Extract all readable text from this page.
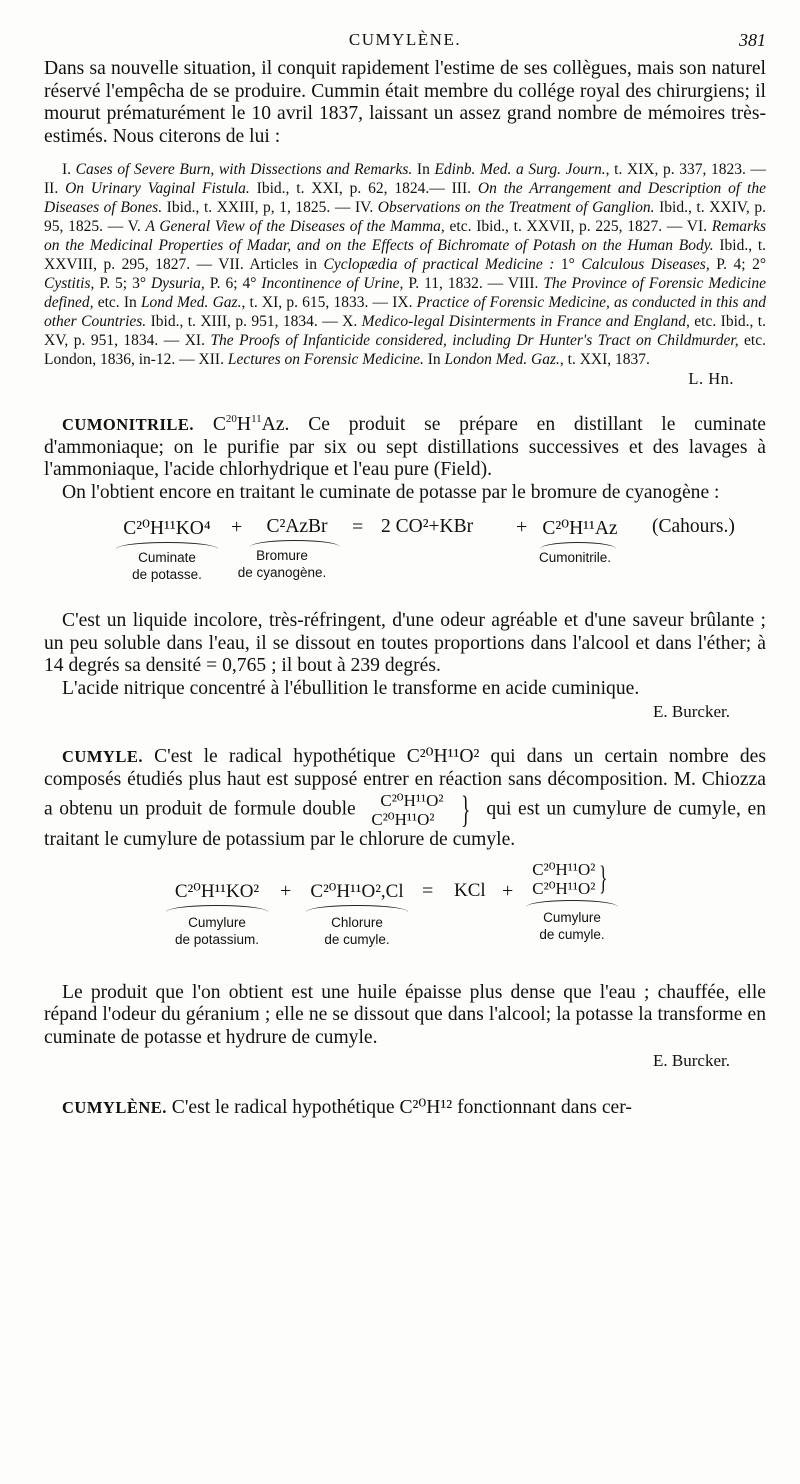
CUMYLÈNE.	381

Dans sa nouvelle situation, il conquit rapidement l'estime de ses collègues, mais son naturel réservé l'empêcha de se produire. Cummin était membre du collége royal des chirurgiens; il mourut prématurément le 10 avril 1837, laissant un assez grand nombre de mémoires très-estimés. Nous citerons de lui :

I. Cases of Severe Burn, with Dissections and Remarks. In Edinb. Med. a Surg. Journ., t. XIX, p. 337, 1823. — II. On Urinary Vaginal Fistula. Ibid., t. XXI, p. 62, 1824.— III. On the Arrangement and Description of the Diseases of Bones. Ibid., t. XXIII, p, 1, 1825. — IV. Observations on the Treatment of Ganglion. Ibid., t. XXIV, p. 95, 1825. — V. A General View of the Diseases of the Mamma, etc. Ibid., t. XXVII, p. 225, 1827. — VI. Remarks on the Medicinal Properties of Madar, and on the Effects of Bichromate of Potash on the Human Body. Ibid., t. XXVIII, p. 295, 1827. — VII. Articles in Cyclopædia of practical Medicine : 1° Calculous Diseases, P. 4; 2° Cystitis, P. 5; 3° Dysuria, P. 6; 4° Incontinence of Urine, P. 11, 1832. — VIII. The Province of Forensic Medicine defined, etc. In Lond Med. Gaz., t. XI, p. 615, 1833. — IX. Practice of Forensic Medicine, as conducted in this and other Countries. Ibid., t. XIII, p. 951, 1834. — X. Medico-legal Disinterments in France and England, etc. Ibid., t. XV, p. 951, 1834. — XI. The Proofs of Infanticide considered, including Dr Hunter's Tract on Childmurder, etc. London, 1836, in-12. — XII. Lectures on Forensic Medicine. In London Med. Gaz., t. XXI, 1837.

L. Hn.

CUMONITRILE. $C^{20}H^{11}Az$. Ce produit se prépare en distillant le cuminate d'ammoniaque; on le purifie par six ou sept distillations successives et des lavages à l'ammoniaque, l'acide chlorhydrique et l'eau pure (Field).

On l'obtient encore en traitant le cuminate de potasse par le bromure de cyanogène :

C²⁰H¹¹KO⁴
Cuminate
de potasse.
+	C²AzBr
Bromure
de cyanogène.
= 2 CO²+KBr + C²⁰H¹¹Az
Cumonitrile.
(Cahours.)

C'est un liquide incolore, très-réfringent, d'une odeur agréable et d'une saveur brûlante ; un peu soluble dans l'eau, il se dissout en toutes proportions dans l'alcool et dans l'éther; à 14 degrés sa densité = 0,765 ; il bout à 239 degrés.

L'acide nitrique concentré à l'ébullition le transforme en acide cuminique.

E. Burcker.

CUMYLE. C'est le radical hypothétique C²⁰H¹¹O² qui dans un certain nombre des composés étudiés plus haut est supposé entrer en réaction sans décomposition. M. Chiozza a obtenu un produit de formule double C²⁰H¹¹O²
C²⁰H¹¹O² } qui est un cumylure de cumyle, en traitant le cumylure de potassium par le chlorure de cumyle.

C²⁰H¹¹KO²
Cumylure
de potassium.
+	C²⁰H¹¹O²,Cl
Chlorure
de cumyle.
= KCl +
C²⁰H¹¹O²
C²⁰H¹¹O² }
Cumylure
de cumyle.

Le produit que l'on obtient est une huile épaisse plus dense que l'eau ; chauffée, elle répand l'odeur du géranium ; elle ne se dissout que dans l'alcool; la potasse la transforme en cuminate de potasse et hydrure de cumyle.

E. Burcker.

CUMYLÈNE. C'est le radical hypothétique C²⁰H¹² fonctionnant dans cer-
